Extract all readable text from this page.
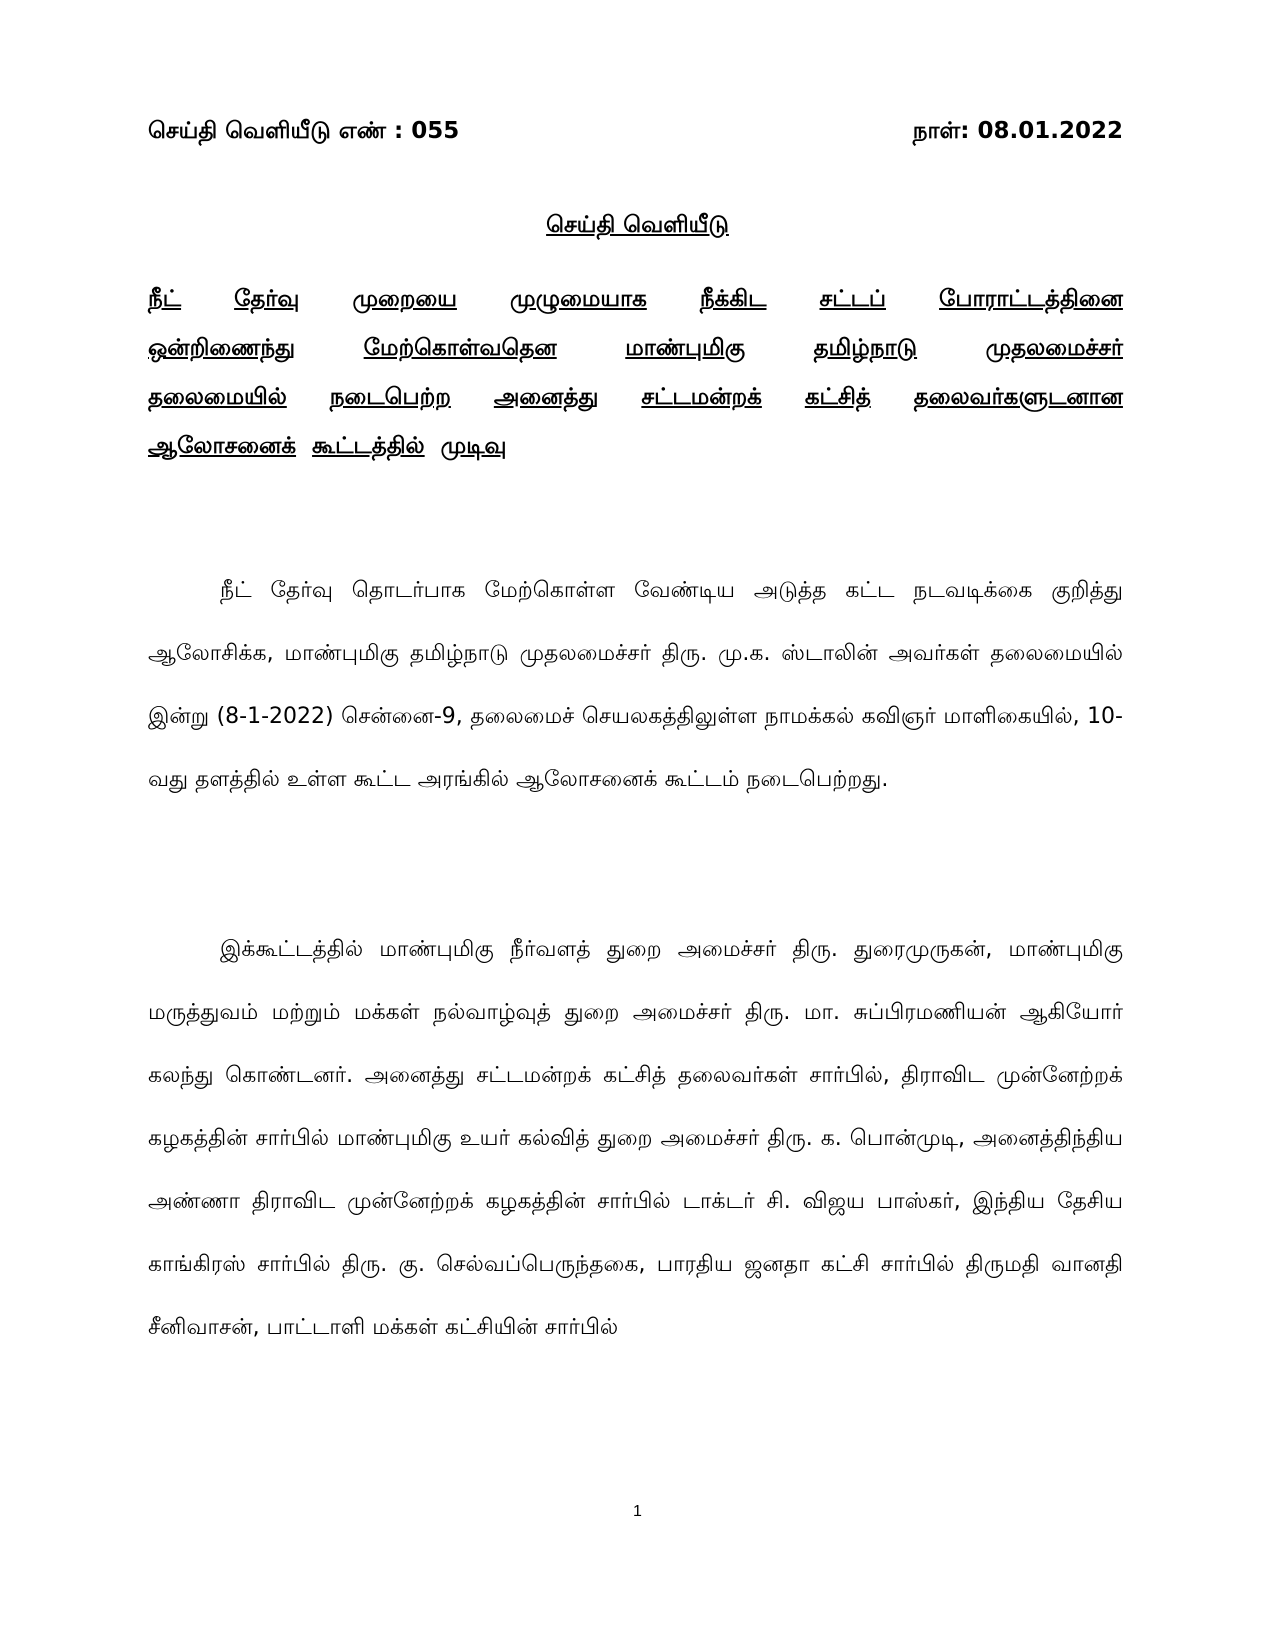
செய்தி வெளியீடு எண் : 055	நாள்: 08.01.2022
செய்தி வெளியீடு
நீட் தேர்வு முறையை முழுமையாக நீக்கிட சட்டப் போராட்டத்தினை
ஒன்றிணைந்து	மேற்கொள்வதென	மாண்புமிகு	தமிழ்நாடு	முதலமைச்சர்
தலைமையில் நடைபெற்ற அனைத்து சட்டமன்றக் கட்சித் தலைவர்களுடனான
ஆலோசனைக் கூட்டத்தில் முடிவு

நீட் தேர்வு தொடர்பாக மேற்கொள்ள வேண்டிய அடுத்த கட்ட நடவடிக்கை குறித்து ஆலோசிக்க, மாண்புமிகு தமிழ்நாடு முதலமைச்சர் திரு. மு.க. ஸ்டாலின் அவர்கள் தலைமையில் இன்று (8-1-2022) சென்னை-9, தலைமைச் செயலகத்திலுள்ள நாமக்கல் கவிஞர் மாளிகையில், 10-வது தளத்தில் உள்ள கூட்ட அரங்கில் ஆலோசனைக் கூட்டம் நடைபெற்றது.

இக்கூட்டத்தில் மாண்புமிகு நீர்வளத் துறை அமைச்சர் திரு. துரைமுருகன், மாண்புமிகு மருத்துவம் மற்றும் மக்கள் நல்வாழ்வுத் துறை அமைச்சர் திரு. மா. சுப்பிரமணியன் ஆகியோர் கலந்து கொண்டனர். அனைத்து சட்டமன்றக் கட்சித் தலைவர்கள் சார்பில், திராவிட முன்னேற்றக் கழகத்தின் சார்பில் மாண்புமிகு உயர் கல்வித் துறை அமைச்சர் திரு. க. பொன்முடி, அனைத்திந்திய அண்ணா திராவிட முன்னேற்றக் கழகத்தின் சார்பில் டாக்டர் சி. விஜய பாஸ்கர், இந்திய தேசிய காங்கிரஸ் சார்பில் திரு. கு. செல்வப்பெருந்தகை, பாரதிய ஜனதா கட்சி சார்பில் திருமதி வானதி சீனிவாசன், பாட்டாளி மக்கள் கட்சியின் சார்பில்

1
